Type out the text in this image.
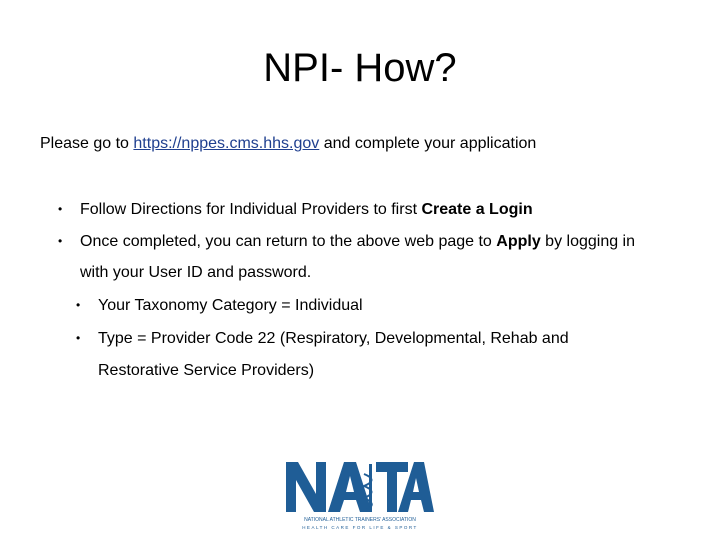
NPI- How?
Please go to https://nppes.cms.hhs.gov and complete your application
• Follow Directions for Individual Providers to first Create a Login
• Once completed, you can return to the above web page to Apply by logging in
with your User ID and password.
• Your Taxonomy Category = Individual
• Type = Provider Code 22 (Respiratory, Developmental, Rehab and
Restorative Service Providers)
NATIONAL ATHLETIC TRAINERS' ASSOCIATION
HEALTH CARE FOR LIFE & SPORT
